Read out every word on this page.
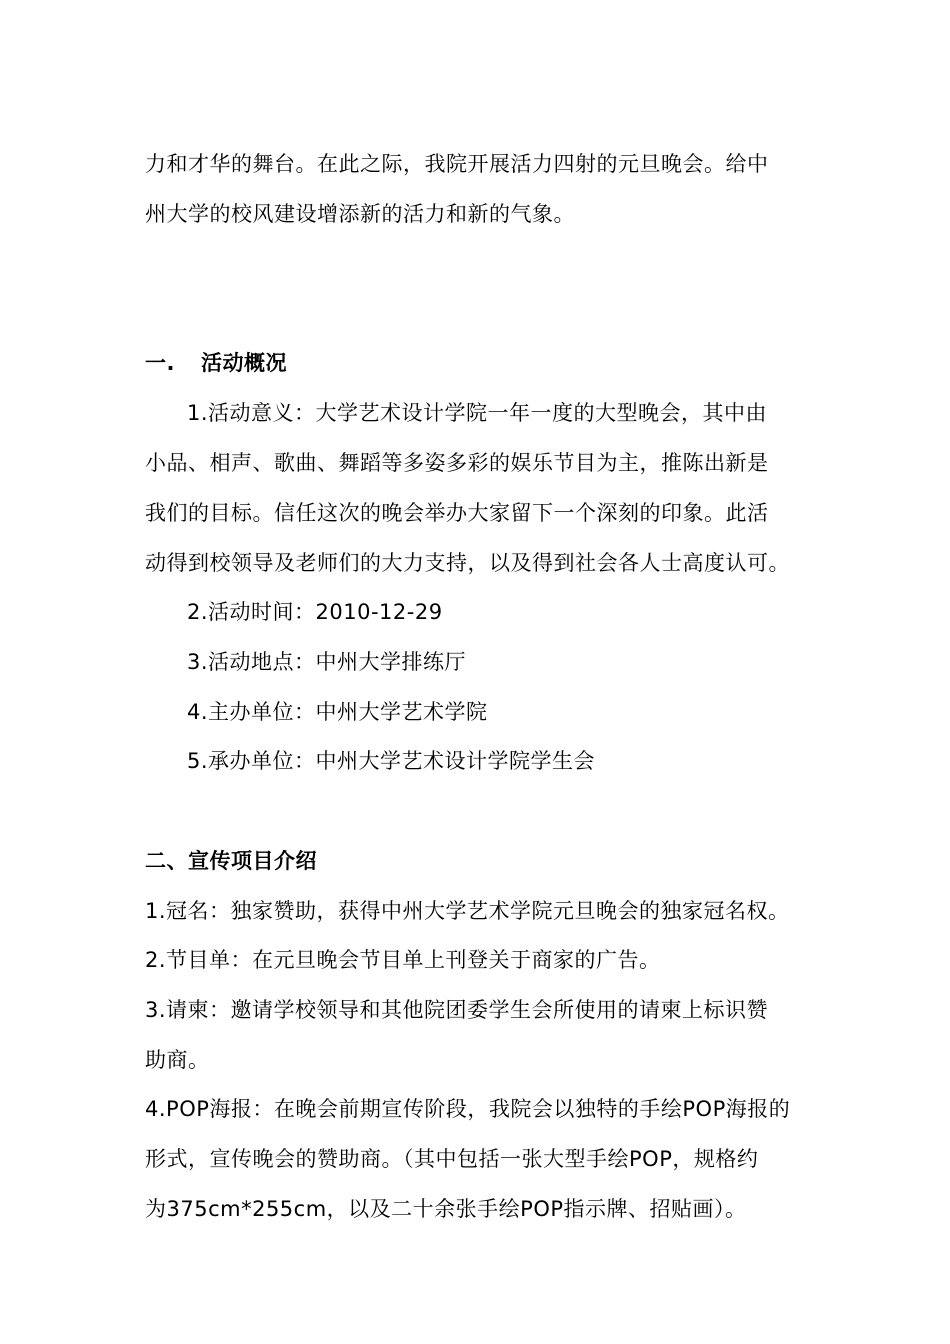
力和才华的舞台。在此之际，我院开展活力四射的元旦晚会。给中
州大学的校风建设增添新的活力和新的气象。
一. 活动概况
1.活动意义：大学艺术设计学院一年一度的大型晚会，其中由
小品、相声、歌曲、舞蹈等多姿多彩的娱乐节目为主，推陈出新是
我们的目标。信任这次的晚会举办大家留下一个深刻的印象。此活
动得到校领导及老师们的大力支持，以及得到社会各人士高度认可。
2.活动时间：2010-12-29
3.活动地点：中州大学排练厅
4.主办单位：中州大学艺术学院
5.承办单位：中州大学艺术设计学院学生会
二、宣传项目介绍
1.冠名：独家赞助，获得中州大学艺术学院元旦晚会的独家冠名权。
2.节目单：在元旦晚会节目单上刊登关于商家的广告。
3.请柬：邀请学校领导和其他院团委学生会所使用的请柬上标识赞
助商。
4.POP海报：在晚会前期宣传阶段，我院会以独特的手绘POP海报的
形式，宣传晚会的赞助商。（其中包括一张大型手绘POP，规格约
为375cm*255cm，以及二十余张手绘POP指示牌、招贴画）。
